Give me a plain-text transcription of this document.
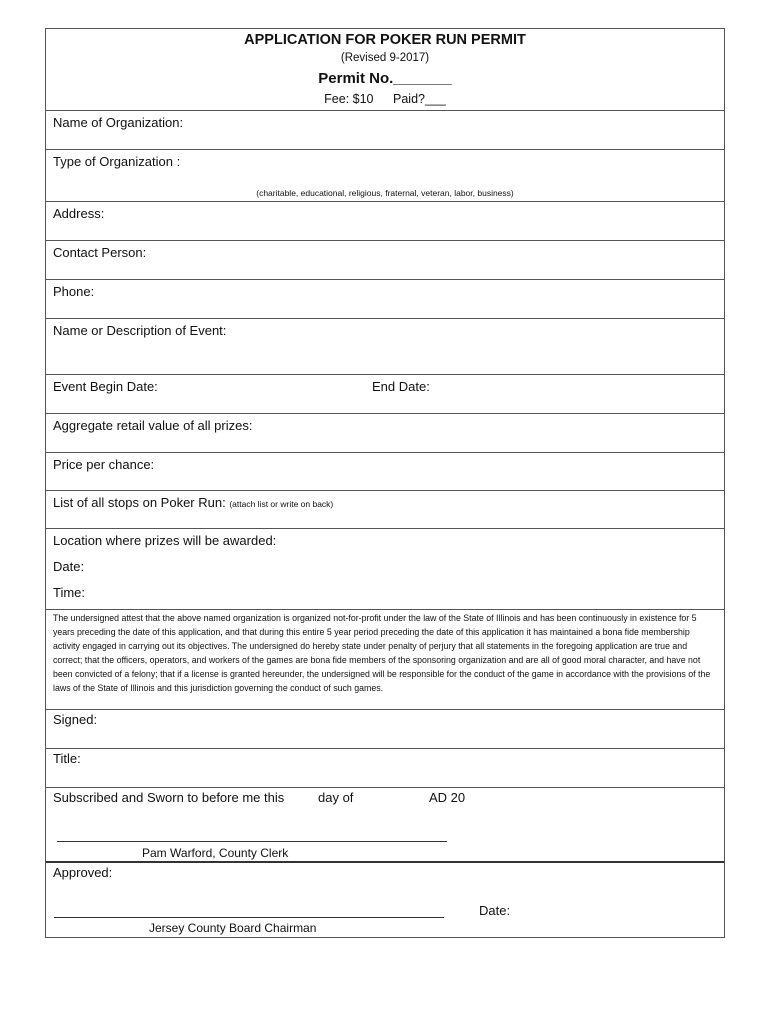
APPLICATION FOR POKER RUN PERMIT
(Revised 9-2017)
Permit No._______
Fee: $10 Paid?___
Name of Organization:
Type of Organization :
(charitable, educational, religious, fraternal, veteran, labor, business)
Address:
Contact Person:
Phone:
Name or Description of Event:
Event Begin Date:	End Date:
Aggregate retail value of all prizes:
Price per chance:
List of all stops on Poker Run: (attach list or write on back)
Location where prizes will be awarded:
Date:
Time:
The undersigned attest that the above named organization is organized not-for-profit under the law of the State of Illinois and has been continuously in existence for 5 years preceding the date of this application, and that during this entire 5 year period preceding the date of this application it has maintained a bona fide membership activity engaged in carrying out its objectives. The undersigned do hereby state under penalty of perjury that all statements in the foregoing application are true and correct; that the officers, operators, and workers of the games are bona fide members of the sponsoring organization and are all of good moral character, and have not been convicted of a felony; that if a license is granted hereunder, the undersigned will be responsible for the conduct of the game in accordance with the provisions of the laws of the State of Illinois and this jurisdiction governing the conduct of such games.
Signed:
Title:
Subscribed and Sworn to before me this	day of	AD 20
Pam Warford, County Clerk
Approved:
Date:
Jersey County Board Chairman
